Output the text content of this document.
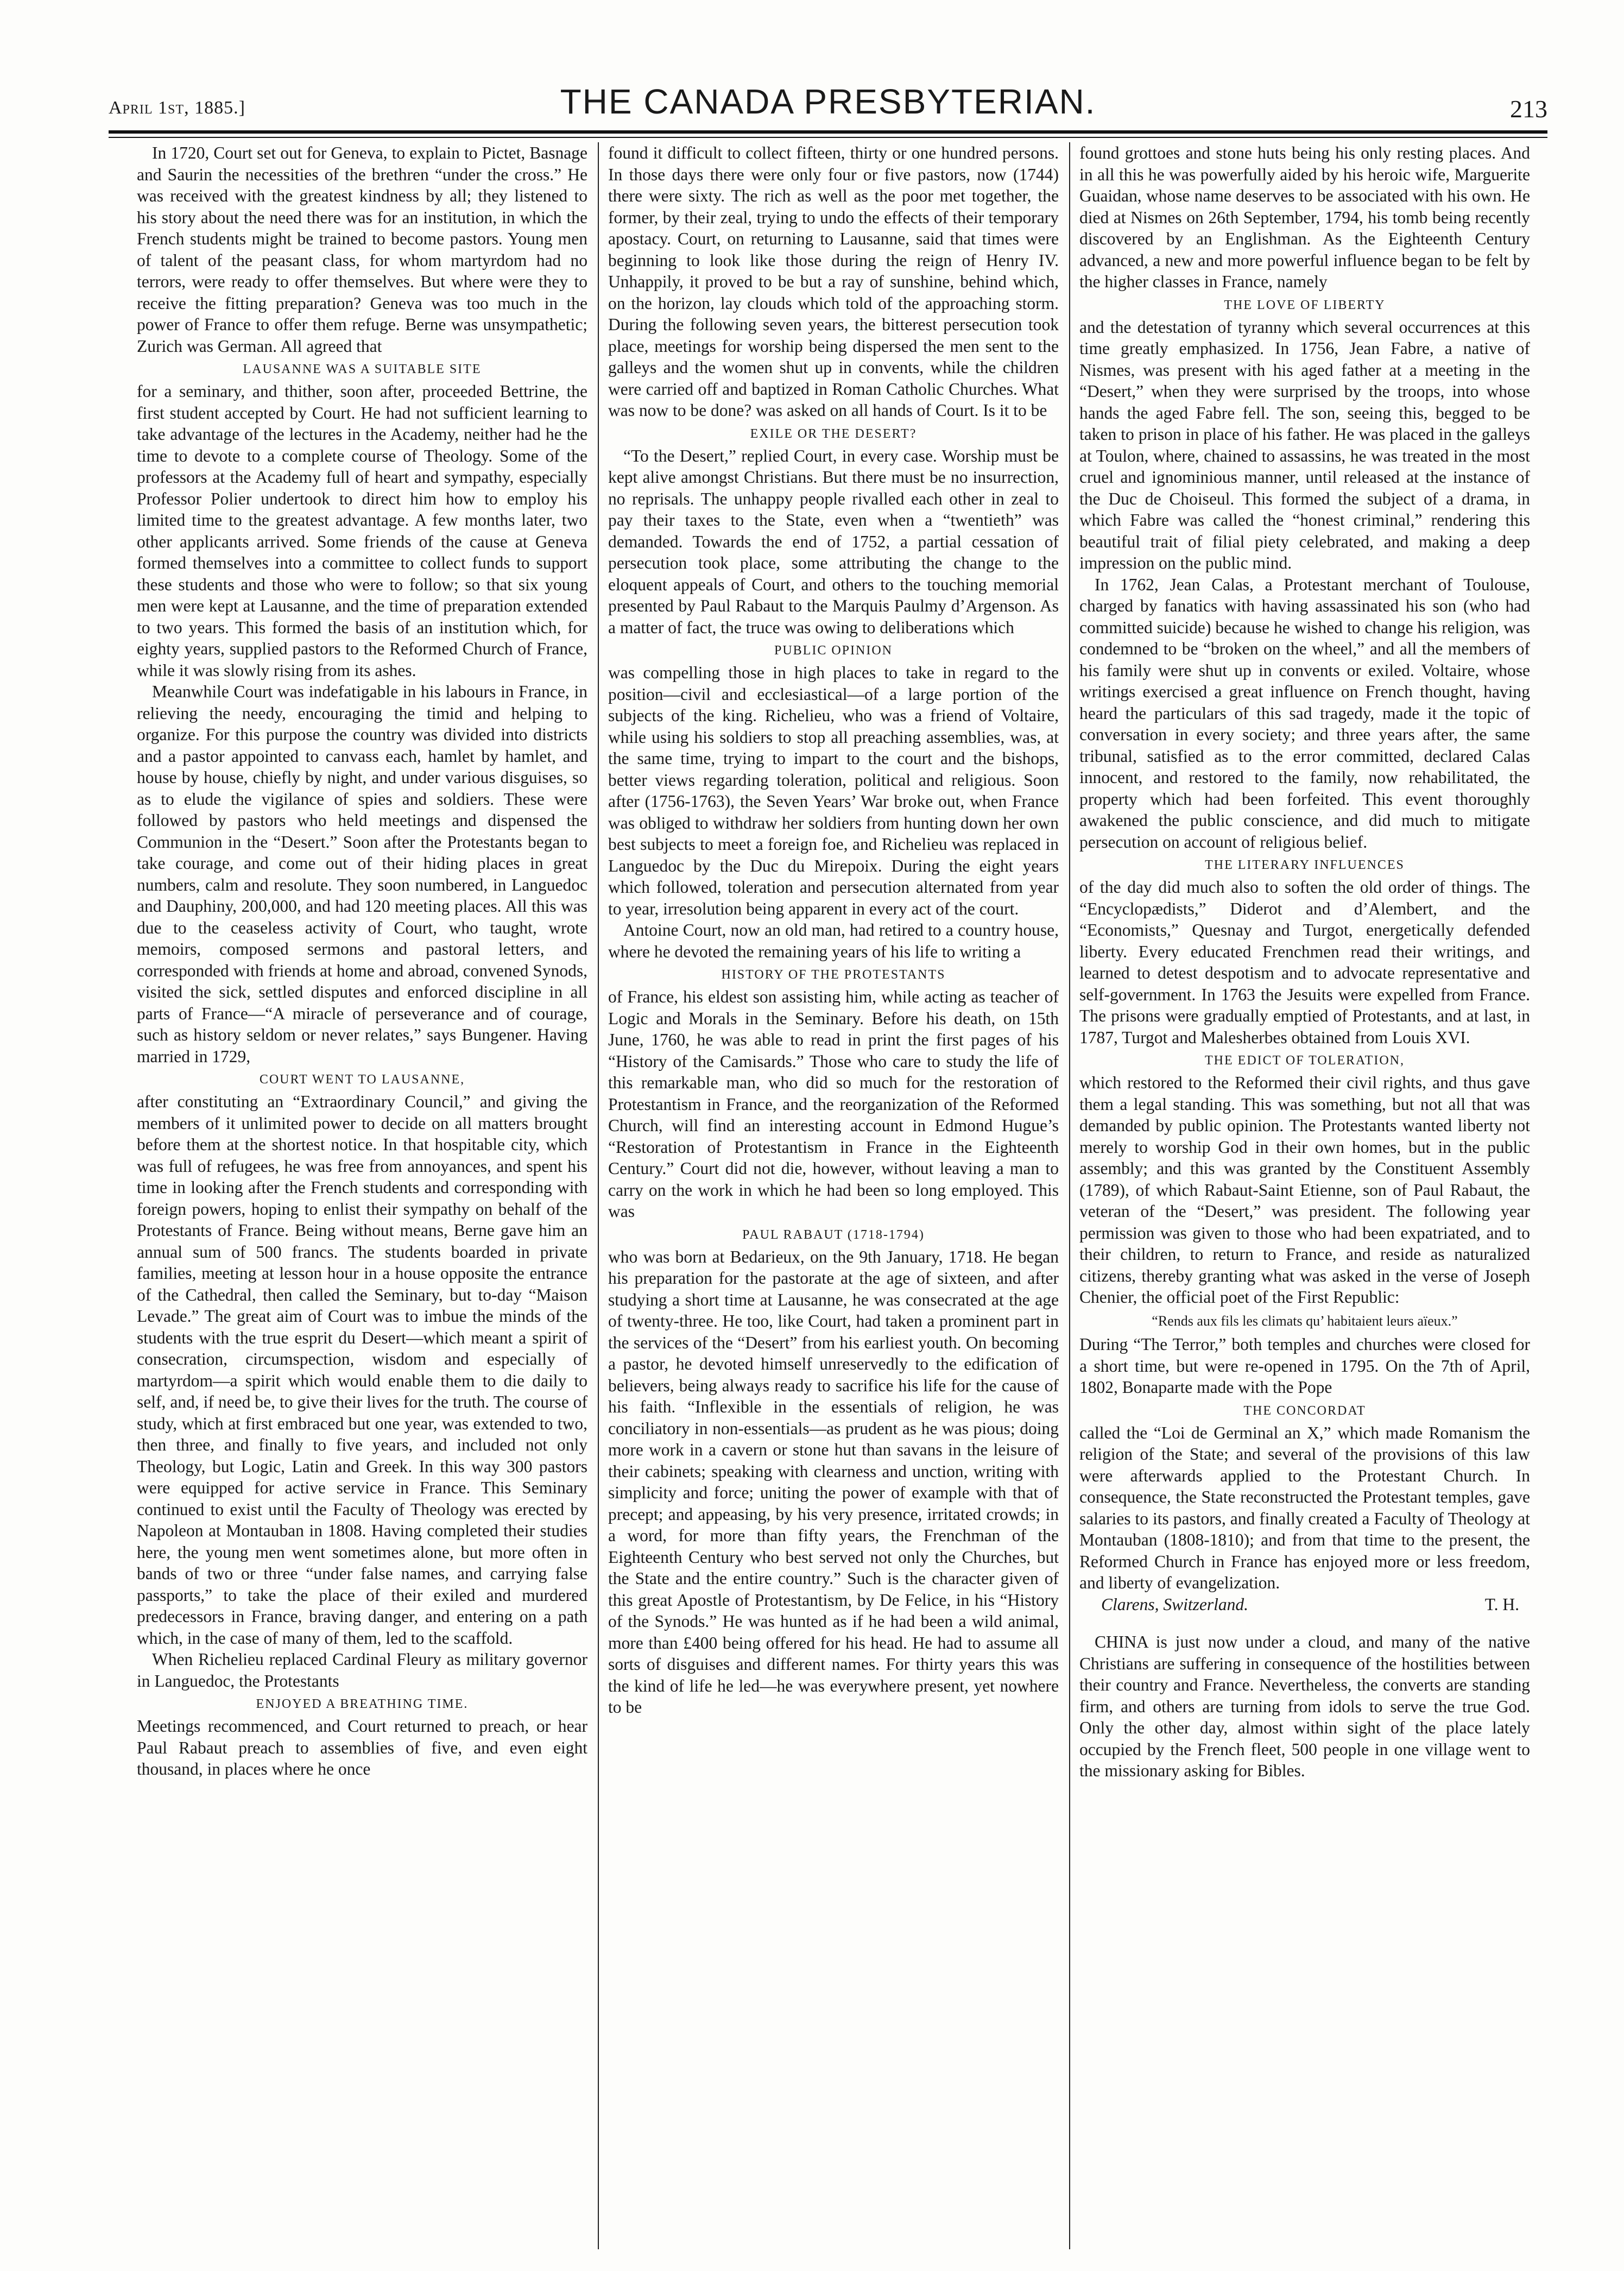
April 1st, 1885.]	THE CANADA PRESBYTERIAN.	213

In 1720, Court set out for Geneva, to explain to Pictet, Basnage and Saurin the necessities of the brethren “under the cross.” He was received with the greatest kindness by all; they listened to his story about the need there was for an institution, in which the French students might be trained to become pastors. Young men of talent of the peasant class, for whom martyrdom had no terrors, were ready to offer themselves. But where were they to receive the fitting preparation? Geneva was too much in the power of France to offer them refuge. Berne was unsympathetic; Zurich was German. All agreed that

LAUSANNE WAS A SUITABLE SITE

for a seminary, and thither, soon after, proceeded Bettrine, the first student accepted by Court. He had not sufficient learning to take advantage of the lectures in the Academy, neither had he the time to devote to a complete course of Theology. Some of the professors at the Academy full of heart and sympathy, especially Professor Polier undertook to direct him how to employ his limited time to the greatest advantage. A few months later, two other applicants arrived. Some friends of the cause at Geneva formed themselves into a committee to collect funds to support these students and those who were to follow; so that six young men were kept at Lausanne, and the time of preparation extended to two years. This formed the basis of an institution which, for eighty years, supplied pastors to the Reformed Church of France, while it was slowly rising from its ashes.

Meanwhile Court was indefatigable in his labours in France, in relieving the needy, encouraging the timid and helping to organize. For this purpose the country was divided into districts and a pastor appointed to canvass each, hamlet by hamlet, and house by house, chiefly by night, and under various disguises, so as to elude the vigilance of spies and soldiers. These were followed by pastors who held meetings and dispensed the Communion in the “Desert.” Soon after the Protestants began to take courage, and come out of their hiding places in great numbers, calm and resolute. They soon numbered, in Languedoc and Dauphiny, 200,000, and had 120 meeting places. All this was due to the ceaseless activity of Court, who taught, wrote memoirs, composed sermons and pastoral letters, and corresponded with friends at home and abroad, convened Synods, visited the sick, settled disputes and enforced discipline in all parts of France—“A miracle of perseverance and of courage, such as history seldom or never relates,” says Bungener. Having married in 1729,

COURT WENT TO LAUSANNE,

after constituting an “Extraordinary Council,” and giving the members of it unlimited power to decide on all matters brought before them at the shortest notice. In that hospitable city, which was full of refugees, he was free from annoyances, and spent his time in looking after the French students and corresponding with foreign powers, hoping to enlist their sympathy on behalf of the Protestants of France. Being without means, Berne gave him an annual sum of 500 francs. The students boarded in private families, meeting at lesson hour in a house opposite the entrance of the Cathedral, then called the Seminary, but to-day “Maison Levade.” The great aim of Court was to imbue the minds of the students with the true esprit du Desert—which meant a spirit of consecration, circumspection, wisdom and especially of martyrdom—a spirit which would enable them to die daily to self, and, if need be, to give their lives for the truth. The course of study, which at first embraced but one year, was extended to two, then three, and finally to five years, and included not only Theology, but Logic, Latin and Greek. In this way 300 pastors were equipped for active service in France. This Seminary continued to exist until the Faculty of Theology was erected by Napoleon at Montauban in 1808. Having completed their studies here, the young men went sometimes alone, but more often in bands of two or three “under false names, and carrying false passports,” to take the place of their exiled and murdered predecessors in France, braving danger, and entering on a path which, in the case of many of them, led to the scaffold.

When Richelieu replaced Cardinal Fleury as military governor in Languedoc, the Protestants

ENJOYED A BREATHING TIME.

Meetings recommenced, and Court returned to preach, or hear Paul Rabaut preach to assemblies of five, and even eight thousand, in places where he once

found it difficult to collect fifteen, thirty or one hundred persons. In those days there were only four or five pastors, now (1744) there were sixty. The rich as well as the poor met together, the former, by their zeal, trying to undo the effects of their temporary apostacy. Court, on returning to Lausanne, said that times were beginning to look like those during the reign of Henry IV. Unhappily, it proved to be but a ray of sunshine, behind which, on the horizon, lay clouds which told of the approaching storm. During the following seven years, the bitterest persecution took place, meetings for worship being dispersed the men sent to the galleys and the women shut up in convents, while the children were carried off and baptized in Roman Catholic Churches. What was now to be done? was asked on all hands of Court. Is it to be

EXILE OR THE DESERT?

“To the Desert,” replied Court, in every case. Worship must be kept alive amongst Christians. But there must be no insurrection, no reprisals. The unhappy people rivalled each other in zeal to pay their taxes to the State, even when a “twentieth” was demanded. Towards the end of 1752, a partial cessation of persecution took place, some attributing the change to the eloquent appeals of Court, and others to the touching memorial presented by Paul Rabaut to the Marquis Paulmy d’Argenson. As a matter of fact, the truce was owing to deliberations which

PUBLIC OPINION

was compelling those in high places to take in regard to the position—civil and ecclesiastical—of a large portion of the subjects of the king. Richelieu, who was a friend of Voltaire, while using his soldiers to stop all preaching assemblies, was, at the same time, trying to impart to the court and the bishops, better views regarding toleration, political and religious. Soon after (1756-1763), the Seven Years’ War broke out, when France was obliged to withdraw her soldiers from hunting down her own best subjects to meet a foreign foe, and Richelieu was replaced in Languedoc by the Duc du Mirepoix. During the eight years which followed, toleration and persecution alternated from year to year, irresolution being apparent in every act of the court.

Antoine Court, now an old man, had retired to a country house, where he devoted the remaining years of his life to writing a

HISTORY OF THE PROTESTANTS

of France, his eldest son assisting him, while acting as teacher of Logic and Morals in the Seminary. Before his death, on 15th June, 1760, he was able to read in print the first pages of his “History of the Camisards.” Those who care to study the life of this remarkable man, who did so much for the restoration of Protestantism in France, and the reorganization of the Reformed Church, will find an interesting account in Edmond Hugue’s “Restoration of Protestantism in France in the Eighteenth Century.” Court did not die, however, without leaving a man to carry on the work in which he had been so long employed. This was

PAUL RABAUT (1718-1794)

who was born at Bedarieux, on the 9th January, 1718. He began his preparation for the pastorate at the age of sixteen, and after studying a short time at Lausanne, he was consecrated at the age of twenty-three. He too, like Court, had taken a prominent part in the services of the “Desert” from his earliest youth. On becoming a pastor, he devoted himself unreservedly to the edification of believers, being always ready to sacrifice his life for the cause of his faith. “Inflexible in the essentials of religion, he was conciliatory in non-essentials—as prudent as he was pious; doing more work in a cavern or stone hut than savans in the leisure of their cabinets; speaking with clearness and unction, writing with simplicity and force; uniting the power of example with that of precept; and appeasing, by his very presence, irritated crowds; in a word, for more than fifty years, the Frenchman of the Eighteenth Century who best served not only the Churches, but the State and the entire country.” Such is the character given of this great Apostle of Protestantism, by De Felice, in his “History of the Synods.” He was hunted as if he had been a wild animal, more than £400 being offered for his head. He had to assume all sorts of disguises and different names. For thirty years this was the kind of life he led—he was everywhere present, yet nowhere to be

found grottoes and stone huts being his only resting places. And in all this he was powerfully aided by his heroic wife, Marguerite Guaidan, whose name deserves to be associated with his own. He died at Nismes on 26th September, 1794, his tomb being recently discovered by an Englishman. As the Eighteenth Century advanced, a new and more powerful influence began to be felt by the higher classes in France, namely

THE LOVE OF LIBERTY

and the detestation of tyranny which several occurrences at this time greatly emphasized. In 1756, Jean Fabre, a native of Nismes, was present with his aged father at a meeting in the “Desert,” when they were surprised by the troops, into whose hands the aged Fabre fell. The son, seeing this, begged to be taken to prison in place of his father. He was placed in the galleys at Toulon, where, chained to assassins, he was treated in the most cruel and ignominious manner, until released at the instance of the Duc de Choiseul. This formed the subject of a drama, in which Fabre was called the “honest criminal,” rendering this beautiful trait of filial piety celebrated, and making a deep impression on the public mind.

In 1762, Jean Calas, a Protestant merchant of Toulouse, charged by fanatics with having assassinated his son (who had committed suicide) because he wished to change his religion, was condemned to be “broken on the wheel,” and all the members of his family were shut up in convents or exiled. Voltaire, whose writings exercised a great influence on French thought, having heard the particulars of this sad tragedy, made it the topic of conversation in every society; and three years after, the same tribunal, satisfied as to the error committed, declared Calas innocent, and restored to the family, now rehabilitated, the property which had been forfeited. This event thoroughly awakened the public conscience, and did much to mitigate persecution on account of religious belief.

THE LITERARY INFLUENCES

of the day did much also to soften the old order of things. The “Encyclopædists,” Diderot and d’Alembert, and the “Economists,” Quesnay and Turgot, energetically defended liberty. Every educated Frenchmen read their writings, and learned to detest despotism and to advocate representative and self-government. In 1763 the Jesuits were expelled from France. The prisons were gradually emptied of Protestants, and at last, in 1787, Turgot and Malesherbes obtained from Louis XVI.

THE EDICT OF TOLERATION,

which restored to the Reformed their civil rights, and thus gave them a legal standing. This was something, but not all that was demanded by public opinion. The Protestants wanted liberty not merely to worship God in their own homes, but in the public assembly; and this was granted by the Constituent Assembly (1789), of which Rabaut-Saint Etienne, son of Paul Rabaut, the veteran of the “Desert,” was president. The following year permission was given to those who had been expatriated, and to their children, to return to France, and reside as naturalized citizens, thereby granting what was asked in the verse of Joseph Chenier, the official poet of the First Republic:

“Rends aux fils les climats qu’ habitaient leurs aïeux.”

During “The Terror,” both temples and churches were closed for a short time, but were re-opened in 1795. On the 7th of April, 1802, Bonaparte made with the Pope

THE CONCORDAT

called the “Loi de Germinal an X,” which made Romanism the religion of the State; and several of the provisions of this law were afterwards applied to the Protestant Church. In consequence, the State reconstructed the Protestant temples, gave salaries to its pastors, and finally created a Faculty of Theology at Montauban (1808-1810); and from that time to the present, the Reformed Church in France has enjoyed more or less freedom, and liberty of evangelization.

Clarens, Switzerland.	T. H.

CHINA is just now under a cloud, and many of the native Christians are suffering in consequence of the hostilities between their country and France. Nevertheless, the converts are standing firm, and others are turning from idols to serve the true God. Only the other day, almost within sight of the place lately occupied by the French fleet, 500 people in one village went to the missionary asking for Bibles.
